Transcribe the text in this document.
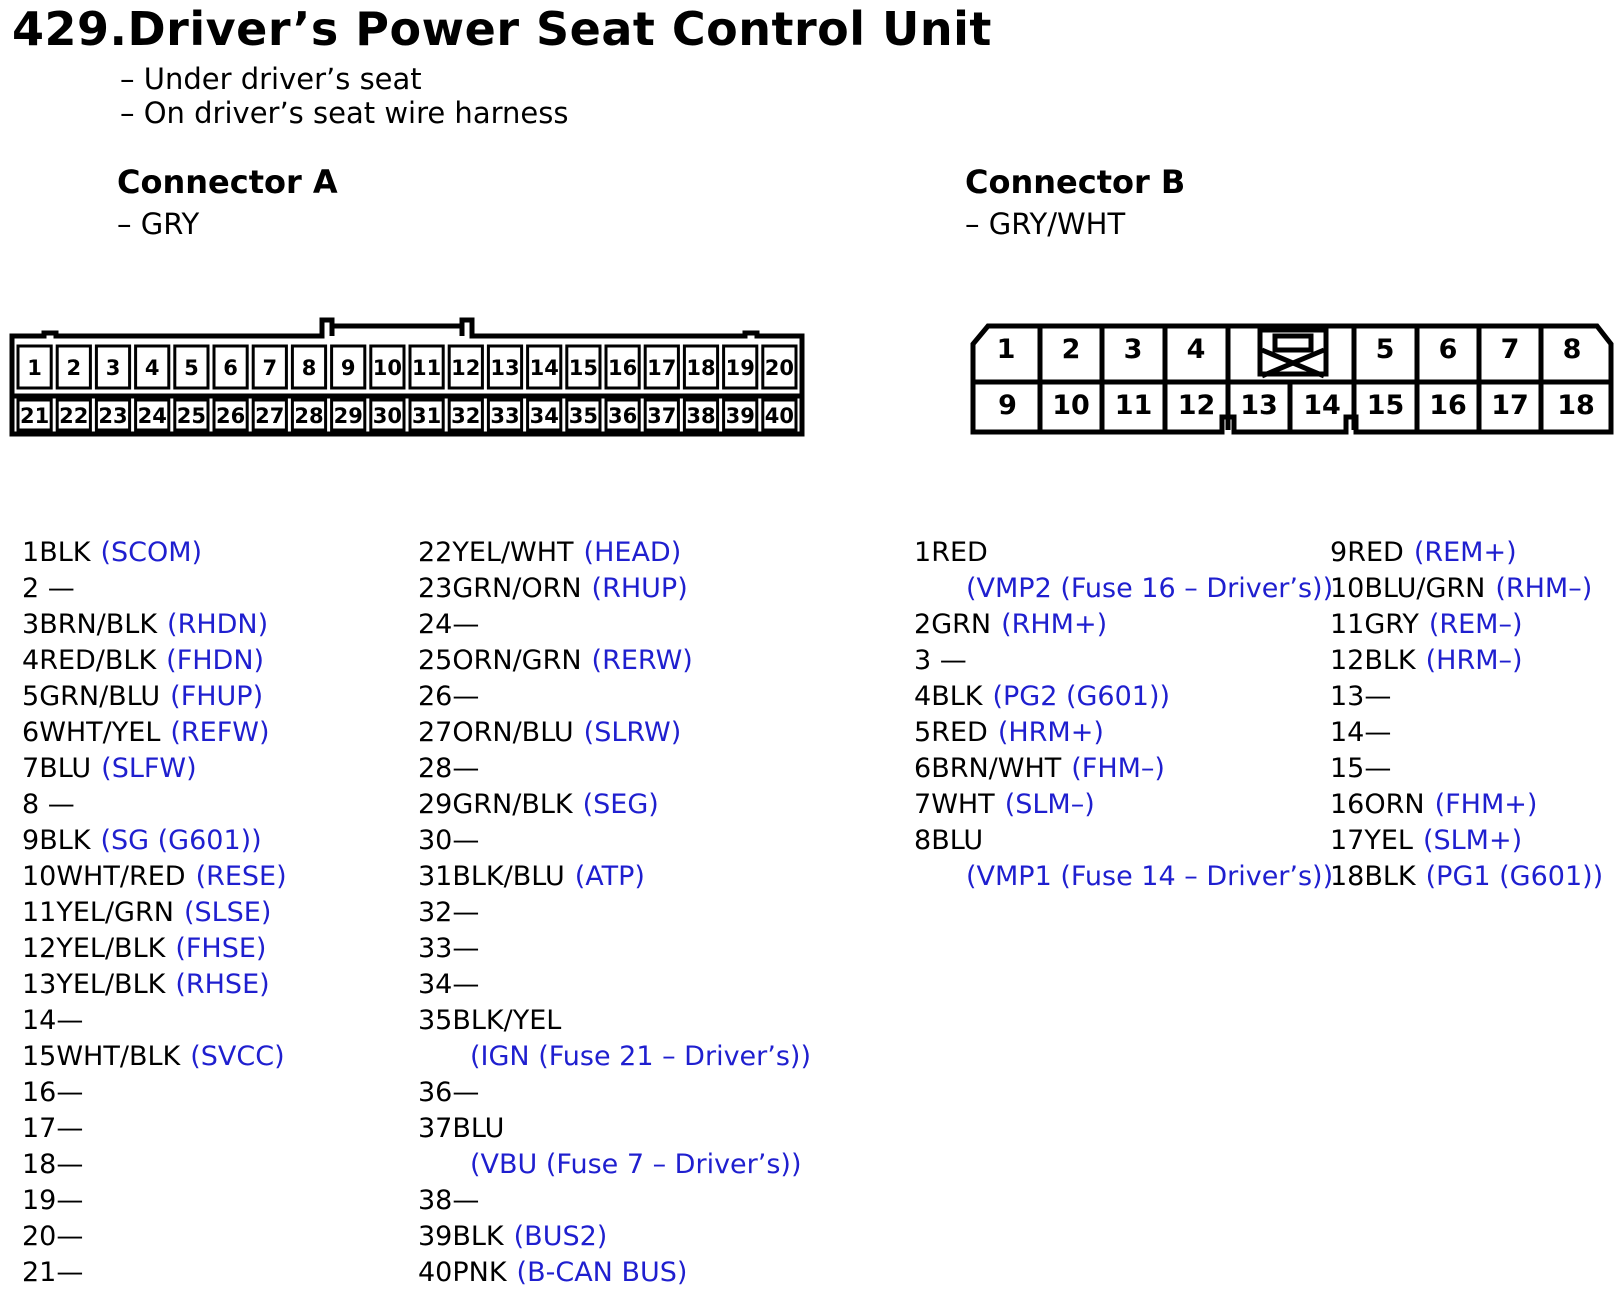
429.Driver’s Power Seat Control Unit
– Under driver’s seat
– On driver’s seat wire harness
Connector A
– GRY
Connector B
– GRY/WHT
1 2 3 4 5 6 7 8 9 10 11 12 13 14 15 16 17 18 19 20
21 22 23 24 25 26 27 28 29 30 31 32 33 34 35 36 37 38 39 40
1 2 3 4	5 6 7 8
9 10 11 12 13 14 15 16 17 18
1BLK (SCOM)
2 —
3BRN/BLK (RHDN)
4RED/BLK (FHDN)
5GRN/BLU (FHUP)
6WHT/YEL (REFW)
7BLU (SLFW)
8 —
9BLK (SG (G601))
10WHT/RED (RESE)
11YEL/GRN (SLSE)
12YEL/BLK (FHSE)
13YEL/BLK (RHSE)
14—
15WHT/BLK (SVCC)
16—
17—
18—
19—
20—
21—
22YEL/WHT (HEAD)
23GRN/ORN (RHUP)
24—
25ORN/GRN (RERW)
26—
27ORN/BLU (SLRW)
28—
29GRN/BLK (SEG)
30—
31BLK/BLU (ATP)
32—
33—
34—
35BLK/YEL
(IGN (Fuse 21 – Driver’s))
36—
37BLU
(VBU (Fuse 7 – Driver’s))
38—
39BLK (BUS2)
40PNK (B-CAN BUS)
1RED
(VMP2 (Fuse 16 – Driver’s))
2GRN (RHM+)
3 —
4BLK (PG2 (G601))
5RED (HRM+)
6BRN/WHT (FHM–)
7WHT (SLM–)
8BLU
(VMP1 (Fuse 14 – Driver’s))
9RED (REM+)
10BLU/GRN (RHM–)
11GRY (REM–)
12BLK (HRM–)
13—
14—
15—
16ORN (FHM+)
17YEL (SLM+)
18BLK (PG1 (G601))
